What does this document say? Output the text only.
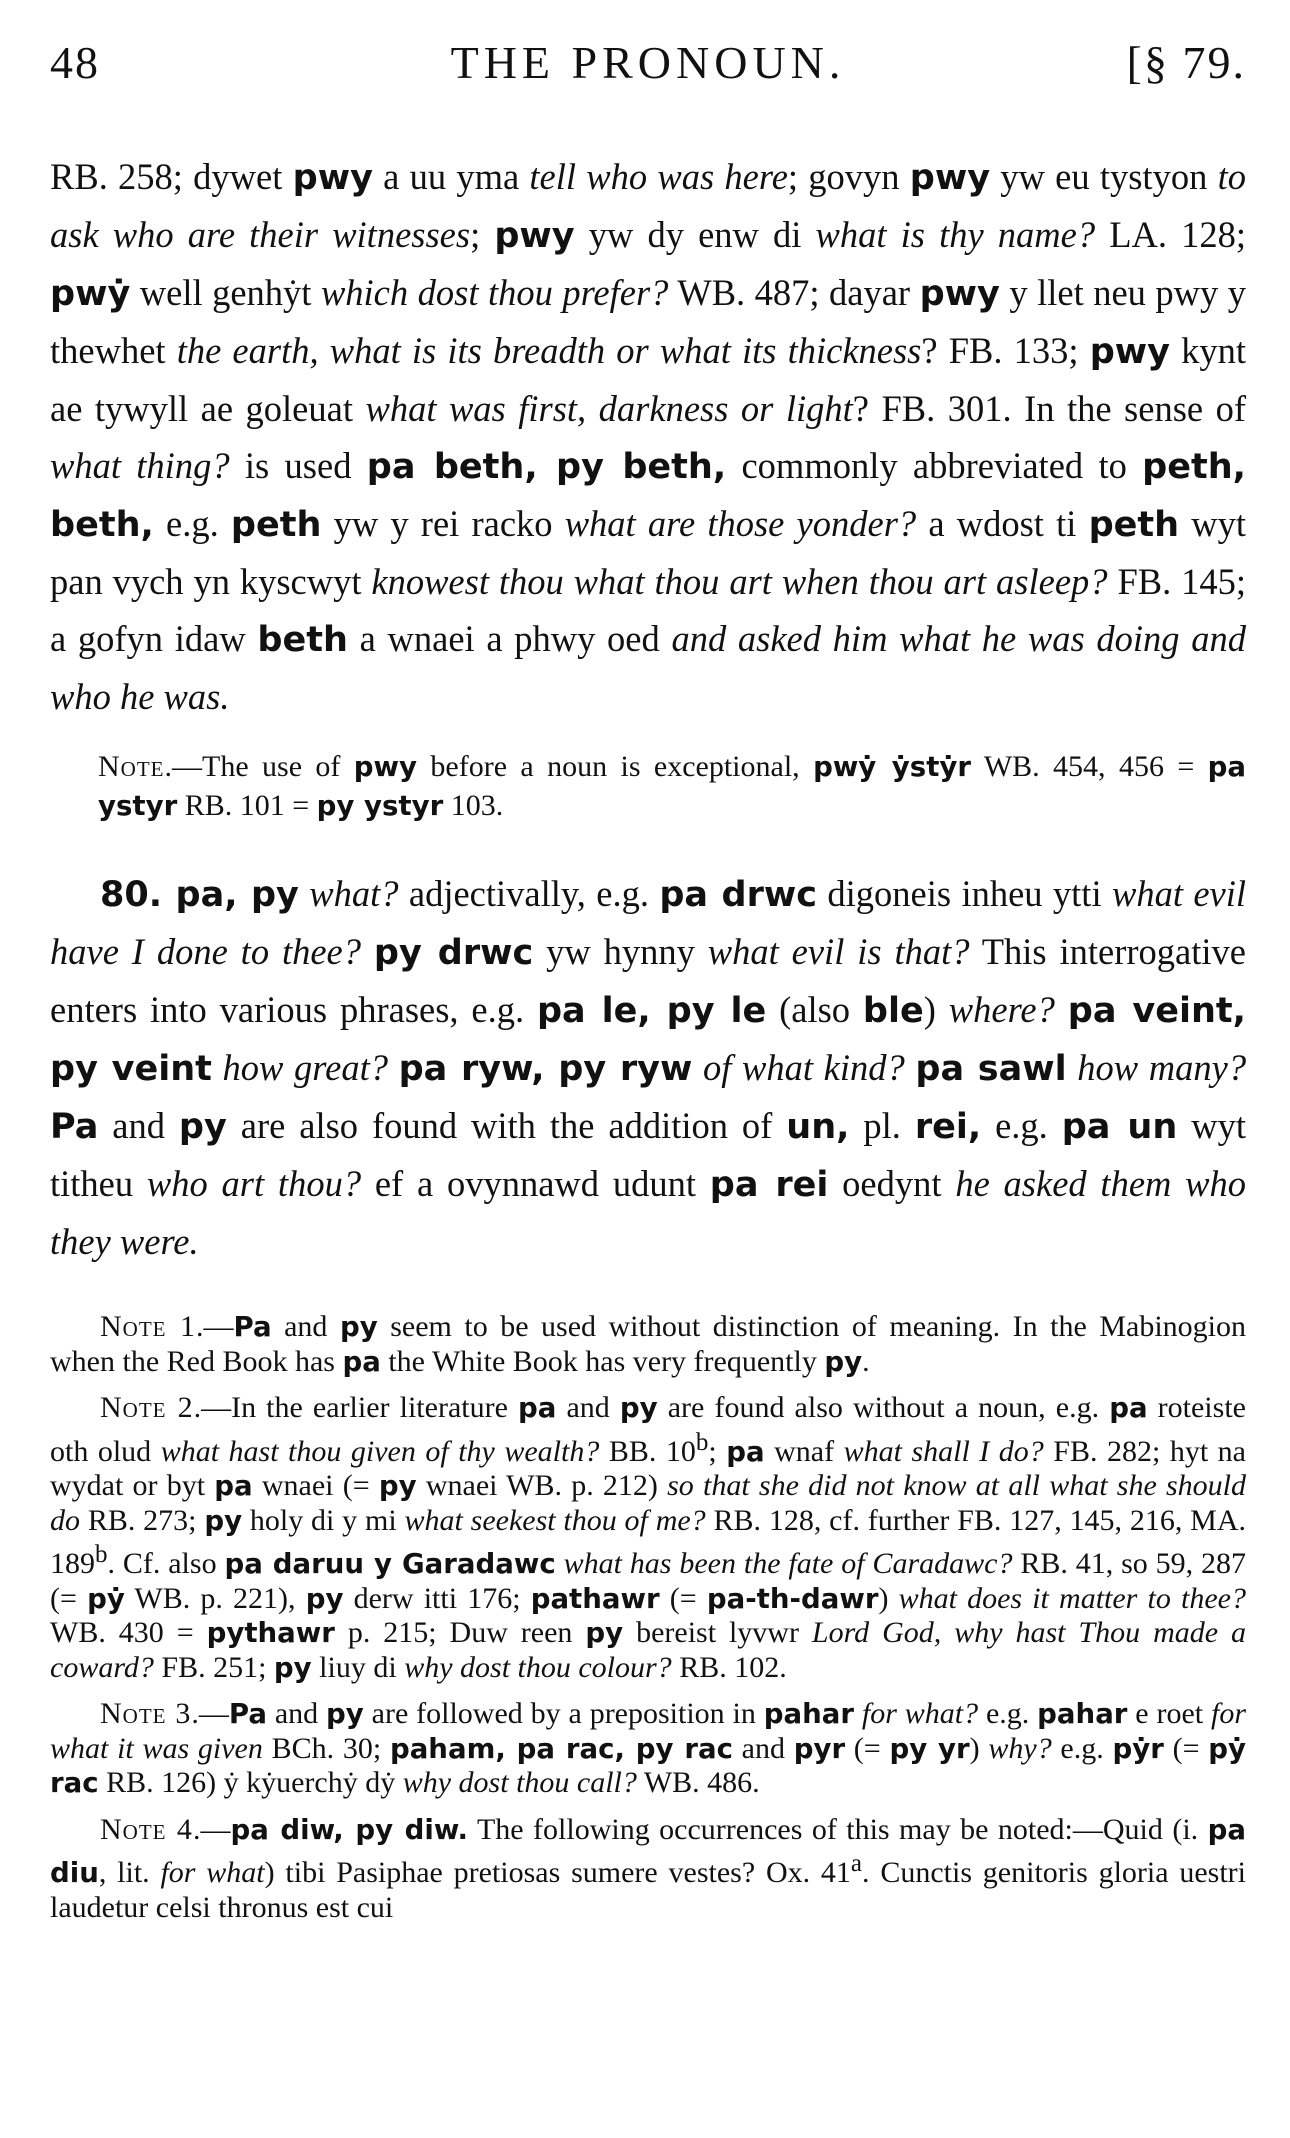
48	THE PRONOUN.	[§ 79.

RB. 258; dywet pwy a uu yma tell who was here; govyn pwy yw eu tystyon to ask who are their witnesses; pwy yw dy enw di what is thy name? LA. 128; pwẏ well genhẏt which dost thou prefer? WB. 487; dayar pwy y llet neu pwy y thewhet the earth, what is its breadth or what its thickness? FB. 133; pwy kynt ae tywyll ae goleuat what was first, darkness or light? FB. 301. In the sense of what thing? is used pa beth, py beth, commonly abbreviated to peth, beth, e.g. peth yw y rei racko what are those yonder? a wdost ti peth wyt pan vych yn kyscwyt knowest thou what thou art when thou art asleep? FB. 145; a gofyn idaw beth a wnaei a phwy oed and asked him what he was doing and who he was.

Note.—The use of pwy before a noun is exceptional, pwẏ ẏstẏr WB. 454, 456 = pa ystyr RB. 101 = py ystyr 103.

80. pa, py what? adjectivally, e.g. pa drwc digoneis inheu ytti what evil have I done to thee? py drwc yw hynny what evil is that? This interrogative enters into various phrases, e.g. pa le, py le (also ble) where? pa veint, py veint how great? pa ryw, py ryw of what kind? pa sawl how many? Pa and py are also found with the addition of un, pl. rei, e.g. pa un wyt titheu who art thou? ef a ovynnawd udunt pa rei oedynt he asked them who they were.

Note 1.—Pa and py seem to be used without distinction of meaning. In the Mabinogion when the Red Book has pa the White Book has very frequently py.

Note 2.—In the earlier literature pa and py are found also without a noun, e.g. pa roteiste oth olud what hast thou given of thy wealth? BB. 10$^b$; pa wnaf what shall I do? FB. 282; hyt na wydat or byt pa wnaei (= py wnaei WB. p. 212) so that she did not know at all what she should do RB. 273; py holy di y mi what seekest thou of me? RB. 128, cf. further FB. 127, 145, 216, MA. 189$^b$. Cf. also pa daruu y Garadawc what has been the fate of Caradawc? RB. 41, so 59, 287 (= pẏ WB. p. 221), py derw itti 176; pathawr (= pa-th-dawr) what does it matter to thee? WB. 430 = pythawr p. 215; Duw reen py bereist lyvwr Lord God, why hast Thou made a coward? FB. 251; py liuy di why dost thou colour? RB. 102.

Note 3.—Pa and py are followed by a preposition in pahar for what? e.g. pahar e roet for what it was given BCh. 30; paham, pa rac, py rac and pyr (= py yr) why? e.g. pẏr (= pẏ rac RB. 126) ẏ kẏuerchẏ dẏ why dost thou call? WB. 486.

Note 4.—pa diw, py diw. The following occurrences of this may be noted:—Quid (i. pa diu, lit. for what) tibi Pasiphae pretiosas sumere vestes? Ox. 41$^a$. Cunctis genitoris gloria uestri laudetur celsi thronus est cui
